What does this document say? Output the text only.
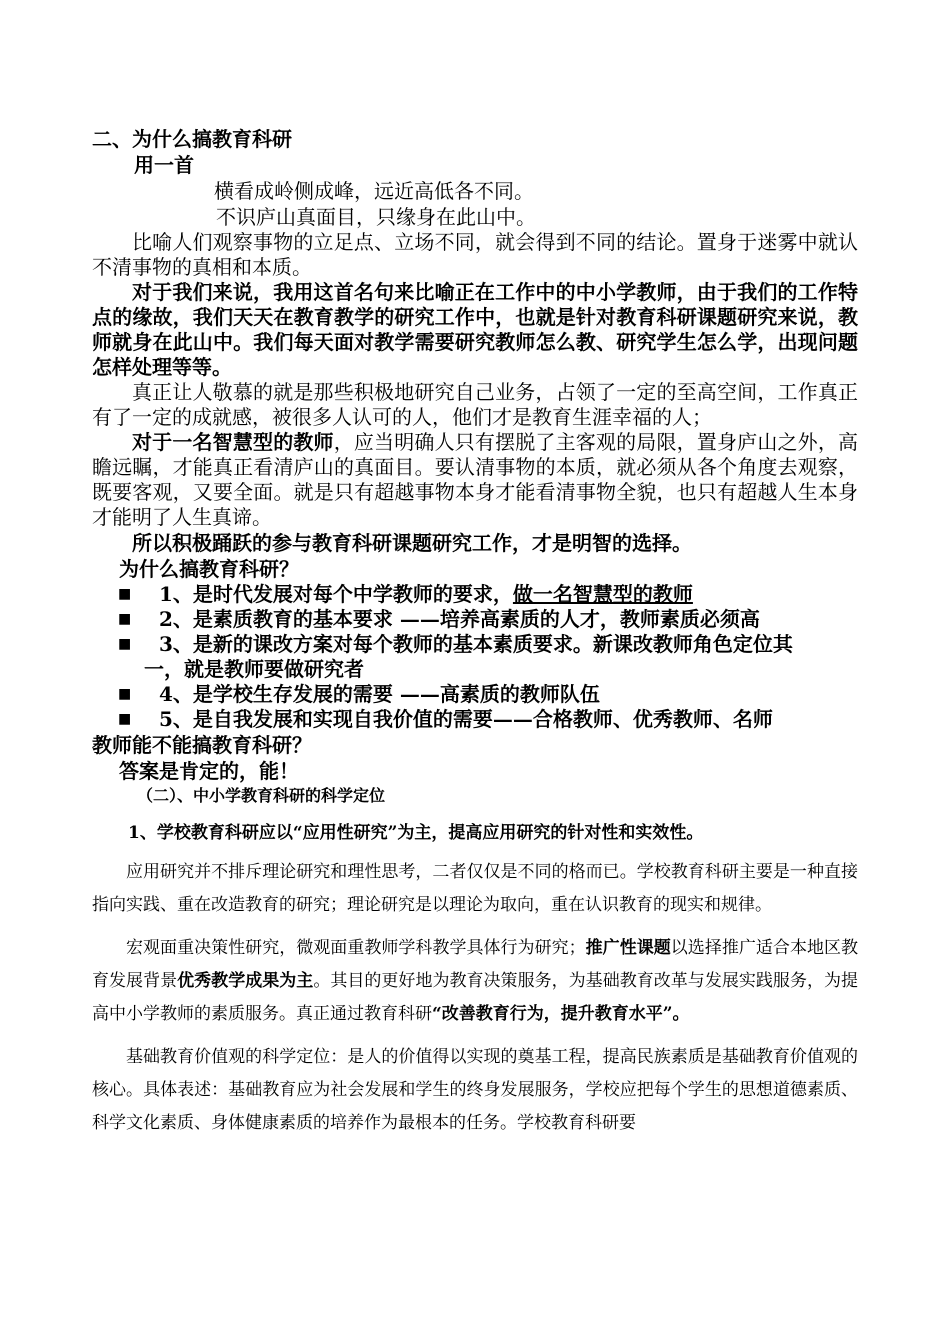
二、为什么搞教育科研
用一首
横看成岭侧成峰，远近高低各不同。
不识庐山真面目，只缘身在此山中。
比喻人们观察事物的立足点、立场不同，就会得到不同的结论。置身于迷雾中就认不清事物的真相和本质。
对于我们来说，我用这首名句来比喻正在工作中的中小学教师，由于我们的工作特点的缘故，我们天天在教育教学的研究工作中，也就是针对教育科研课题研究来说，教师就身在此山中。我们每天面对教学需要研究教师怎么教、研究学生怎么学，出现问题怎样处理等等。
真正让人敬慕的就是那些积极地研究自己业务，占领了一定的至高空间，工作真正有了一定的成就感，被很多人认可的人，他们才是教育生涯幸福的人；
对于一名智慧型的教师，应当明确人只有摆脱了主客观的局限，置身庐山之外，高瞻远瞩，才能真正看清庐山的真面目。要认清事物的本质，就必须从各个角度去观察，既要客观，又要全面。就是只有超越事物本身才能看清事物全貌，也只有超越人生本身才能明了人生真谛。
所以积极踊跃的参与教育科研课题研究工作，才是明智的选择。
为什么搞教育科研？
■ 1、是时代发展对每个中学教师的要求，做一名智慧型的教师
■ 2、是素质教育的基本要求 ——培养高素质的人才，教师素质必须高
■ 3、是新的课改方案对每个教师的基本素质要求。新课改教师角色定位其
一，就是教师要做研究者
■ 4、是学校生存发展的需要 ——高素质的教师队伍
■ 5、是自我发展和实现自我价值的需要——合格教师、优秀教师、名师
教师能不能搞教育科研？
答案是肯定的，能！
（二）、中小学教育科研的科学定位
1、学校教育科研应以“应用性研究”为主，提高应用研究的针对性和实效性。
应用研究并不排斥理论研究和理性思考，二者仅仅是不同的格而已。学校教育科研主要是一种直接指向实践、重在改造教育的研究；理论研究是以理论为取向，重在认识教育的现实和规律。
宏观面重决策性研究，微观面重教师学科教学具体行为研究；推广性课题以选择推广适合本地区教育发展背景优秀教学成果为主。其目的更好地为教育决策服务，为基础教育改革与发展实践服务，为提高中小学教师的素质服务。真正通过教育科研“改善教育行为，提升教育水平”。
基础教育价值观的科学定位：是人的价值得以实现的奠基工程，提高民族素质是基础教育价值观的核心。具体表述：基础教育应为社会发展和学生的终身发展服务，学校应把每个学生的思想道德素质、科学文化素质、身体健康素质的培养作为最根本的任务。学校教育科研要
